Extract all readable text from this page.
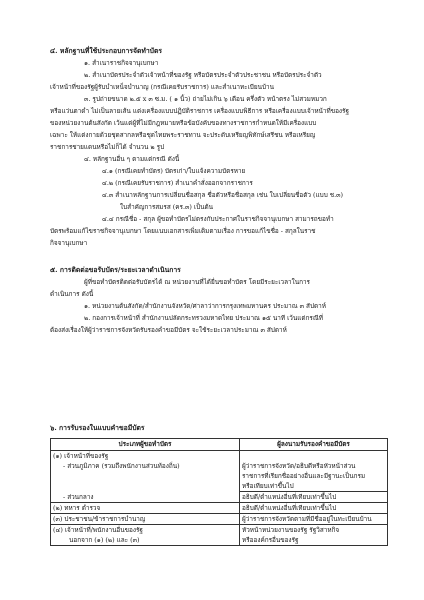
๔. หลักฐานที่ใช้ประกอบการจัดทำบัตร
๑. สำเนาราชกิจจานุเบกษา
๒. สำเนาบัตรประจำตัวเจ้าหน้าที่ของรัฐ หรือบัตรประจำตัวประชาชน หรือบัตรประจำตัว
เจ้าหน้าที่ของรัฐผู้รับบำเหน็จบำนาญ (กรณีเคยรับราชการ) และสำเนาทะเบียนบ้าน
๓. รูปถ่ายขนาด ๒.๕ x ๓ ซ.ม. ( ๑ นิ้ว) ถ่ายไม่เกิน ๖ เดือน ครึ่งตัว หน้าตรง ไม่สวมหมวก
หรือแว่นตาดำ ไม่เป็นลายเส้น แต่งเครื่องแบบปฏิบัติราชการ เครื่องแบบพิธีการ หรือเครื่องแบบเจ้าหน้าที่ของรัฐ
ของหน่วยงานต้นสังกัด เว้นแต่ผู้ที่ไม่มีกฎหมายหรือข้อบังคับของทางราชการกำหนดให้มีเครื่องแบบ
เฉพาะ ให้แต่งกายด้วยชุดสากลหรือชุดไทยพระราชทาน จะประดับเหรียญพิทักษ์เสรีชน หรือเหรียญ
ราชการชายแดนหรือไม่ก็ได้ จำนวน ๒ รูป
๔. หลักฐานอื่น ๆ ตามแต่กรณี ดังนี้
๔.๑ (กรณีเคยทำบัตร) บัตรเก่า/ใบแจ้งความบัตรหาย
๔.๒ (กรณีเคยรับราชการ) สำเนาคำสั่งออกจากราชการ
๔.๓ สำเนาหลักฐานการเปลี่ยนชื่อสกุล ชื่อตัวหรือชื่อสกุล เช่น ใบเปลี่ยนชื่อตัว (แบบ ช.๓)
ใบสำคัญการสมรส (คร.๓) เป็นต้น
๔.๔ กรณีชื่อ - สกุล ผู้ขอทำบัตรไม่ตรงกับประกาศในราชกิจจานุเบกษา สามารถขอทำ
บัตรพร้อมแก้ไขราชกิจจานุเบกษา โดยแนบเอกสารเพิ่มเติมตามเรื่อง การขอแก้ไขชื่อ - สกุลในราช
กิจจานุเบกษา
๕. การติดต่อขอรับบัตร/ระยะเวลาดำเนินการ
ผู้ที่ขอทำบัตรติดต่อรับบัตรได้ ณ หน่วยงานที่ได้ยื่นขอทำบัตร โดยมีระยะเวลาในการ
ดำเนินการ ดังนี้
๑. หน่วยงานต้นสังกัด/สำนักงานจังหวัด/ศาลาว่าการกรุงเทพมหานคร ประมาณ ๓ สัปดาห์
๒. กองการเจ้าหน้าที่ สำนักงานปลัดกระทรวงมหาดไทย ประมาณ ๑๕ นาที เว้นแต่กรณีที่
ต้องส่งเรื่องให้ผู้ว่าราชการจังหวัดรับรองคำขอมีบัตร จะใช้ระยะเวลาประมาณ ๓ สัปดาห์
๖. การรับรองในแบบคำขอมีบัตร
ประเภทผู้ขอทำบัตร	ผู้ลงนามรับรองคำขอมีบัตร
(๑) เจ้าหน้าที่ของรัฐ	
- ส่วนภูมิภาค (รวมถึงพนักงานส่วนท้องถิ่น)	ผู้ว่าราชการจังหวัด/อธิบดีหรือหัวหน้าส่วน
	ราชการที่เรียกชื่ออย่างอื่นและมีฐานะเป็นกรม
	หรือเทียบเท่าขึ้นไป
- ส่วนกลาง	อธิบดี/ตำแหน่งอื่นที่เทียบเท่าขึ้นไป
(๒) ทหาร ตำรวจ	อธิบดี/ตำแหน่งอื่นที่เทียบเท่าขึ้นไป
(๓) ประชาชน/ข้าราชการบำนาญ	ผู้ว่าราชการจังหวัดตามที่มีชื่ออยู่ในทะเบียนบ้าน
(๔) เจ้าหน้าที่/พนักงานอื่นของรัฐ	หัวหน้าหน่วยงานของรัฐ รัฐวิสาหกิจ
นอกจาก (๑) (๒) และ (๓)	หรือองค์กรอื่นของรัฐ
